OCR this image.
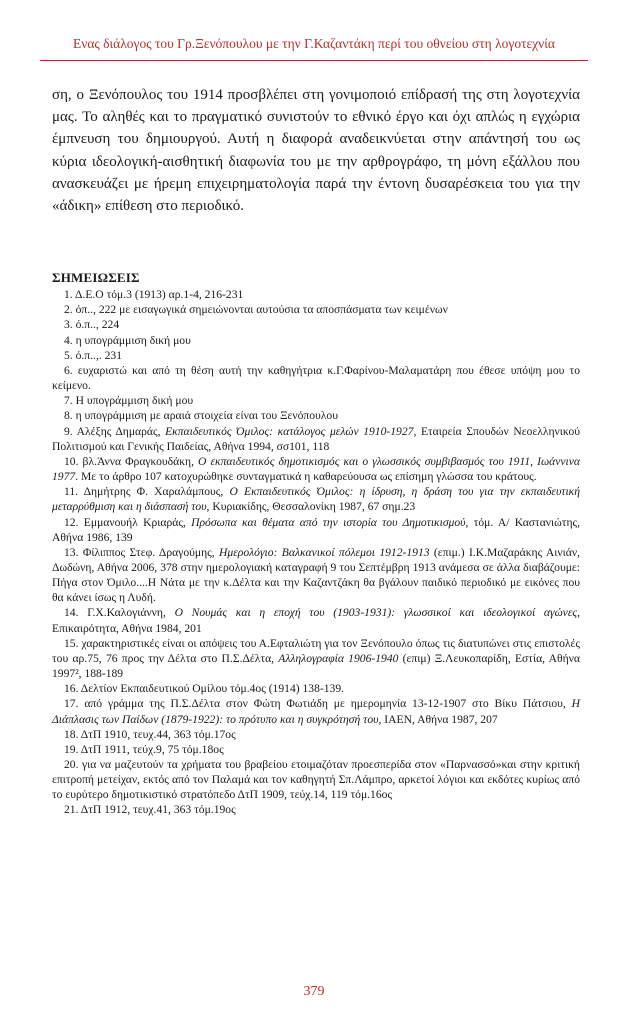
Ενας διάλογος του Γρ.Ξενόπουλου με την Γ.Καζαντάκη περί του οθνείου στη λογοτεχνία

ση, ο Ξενόπουλος του 1914 προσβλέπει στη γονιμοποιό επίδρασή της στη λογοτεχνία μας. Το αληθές και το πραγματικό συνιστούν το εθνικό έργο και όχι απλώς η εγχώρια έμπνευση του δημιουργού. Αυτή η διαφορά αναδεικνύεται στην απάντησή του ως κύρια ιδεολογική-αισθητική διαφωνία του με την αρθρογράφο, τη μόνη εξάλλου που ανασκευάζει με ήρεμη επιχειρηματολογία παρά την έντονη δυσαρέσκεια του για την «άδικη» επίθεση στο περιοδικό.

ΣΗΜΕΙΩΣΕΙΣ
1. Δ.Ε.Ο τόμ.3 (1913) αρ.1-4, 216-231
2. όπ.., 222 με εισαγωγικά σημειώνονται αυτούσια τα αποσπάσματα των κειμένων
3. ό.π.., 224
4. η υπογράμμιση δική μου
5. ό.π..,. 231
6. ευχαριστώ και από τη θέση αυτή την καθηγήτρια κ.Γ.Φαρίνου-Μαλαματάρη που έθεσε υπόψη μου το κείμενο.
7. Η υπογράμμιση δική μου
8. η υπογράμμιση με αραιά στοιχεία είναι του Ξενόπουλου
9. Αλέξης Δημαράς, Εκπαιδευτικός Όμιλος: κατάλογος μελών 1910-1927, Εταιρεία Σπουδών Νεοελληνικού Πολιτισμού και Γενικής Παιδείας, Αθήνα 1994, σσ101, 118
10. βλ.Άννα Φραγκουδάκη, Ο εκπαιδευτικός δημοτικισμός και ο γλωσσικός συμβιβασμός του 1911, Ιωάννινα 1977. Με το άρθρο 107 κατοχυρώθηκε συνταγματικά η καθαρεύουσα ως επίσημη γλώσσα του κράτους.
11. Δημήτρης Φ. Χαραλάμπους, Ο Εκπαιδευτικός Όμιλος: η ίδρυση, η δράση του για την εκπαιδευτική μεταρρύθμιση και η διάσπασή του, Κυριακίδης, Θεσσαλονίκη 1987, 67 σημ.23
12. Εμμανουήλ Κριαράς, Πρόσωπα και θέματα από την ιστορία του Δημοτικισμού, τόμ. Α/ Καστανιώτης, Αθήνα 1986, 139
13. Φίλιππος Στεφ. Δραγούμης, Ημερολόγιο: Βαλκανικοί πόλεμοι 1912-1913 (επιμ.) Ι.Κ.Μαζαράκης Αινιάν, Δωδώνη, Αθήνα 2006, 378 στην ημερολογιακή καταγραφή 9 του Σεπτέμβρη 1913 ανάμεσα σε άλλα διαβάζουμε: Πήγα στον Όμιλο....Η Νάτα με την κ.Δέλτα και την Καζαντζάκη θα βγάλουν παιδικό περιοδικό με εικόνες που θα κάνει ίσως η Λυδή.
14. Γ.Χ.Καλογιάννη, Ο Νουμάς και η εποχή του (1903-1931): γλωσσικοί και ιδεολογικοί αγώνες, Επικαιρότητα, Αθήνα 1984, 201
15. χαρακτηριστικές είναι οι απόψεις του Α.Εφταλιώτη για τον Ξενόπουλο όπως τις διατυπώνει στις επιστολές του αρ.75, 76 προς την Δέλτα στο Π.Σ.Δέλτα, Αλληλογραφία 1906-1940 (επιμ) Ξ.Λευκοπαρίδη, Εστία, Αθήνα 1997², 188-189
16. Δελτίον Εκπαιδευτικού Ομίλου τόμ.4ος (1914) 138-139.
17. από γράμμα της Π.Σ.Δέλτα στον Φώτη Φωτιάδη με ημερομηνία 13-12-1907 στο Βίκυ Πάτσιου, Η Διάπλασις των Παίδων (1879-1922): το πρότυπο και η συγκρότησή του, ΙΑΕΝ, Αθήνα 1987, 207
18. ΔτΠ 1910, τευχ.44, 363 τόμ.17ος
19. ΔτΠ 1911, τεύχ.9, 75 τόμ.18ος
20. για να μαζευτούν τα χρήματα του βραβείου ετοιμαζόταν προεσπερίδα στον «Παρνασσό»και στην κριτική επιτροπή μετείχαν, εκτός από τον Παλαμά και τον καθηγητή Σπ.Λάμπρο, αρκετοί λόγιοι και εκδότες κυρίως από το ευρύτερο δημοτικιστικό στρατόπεδο ΔτΠ 1909, τεύχ.14, 119 τόμ.16ος
21. ΔτΠ 1912, τευχ.41, 363 τόμ.19ος
379
